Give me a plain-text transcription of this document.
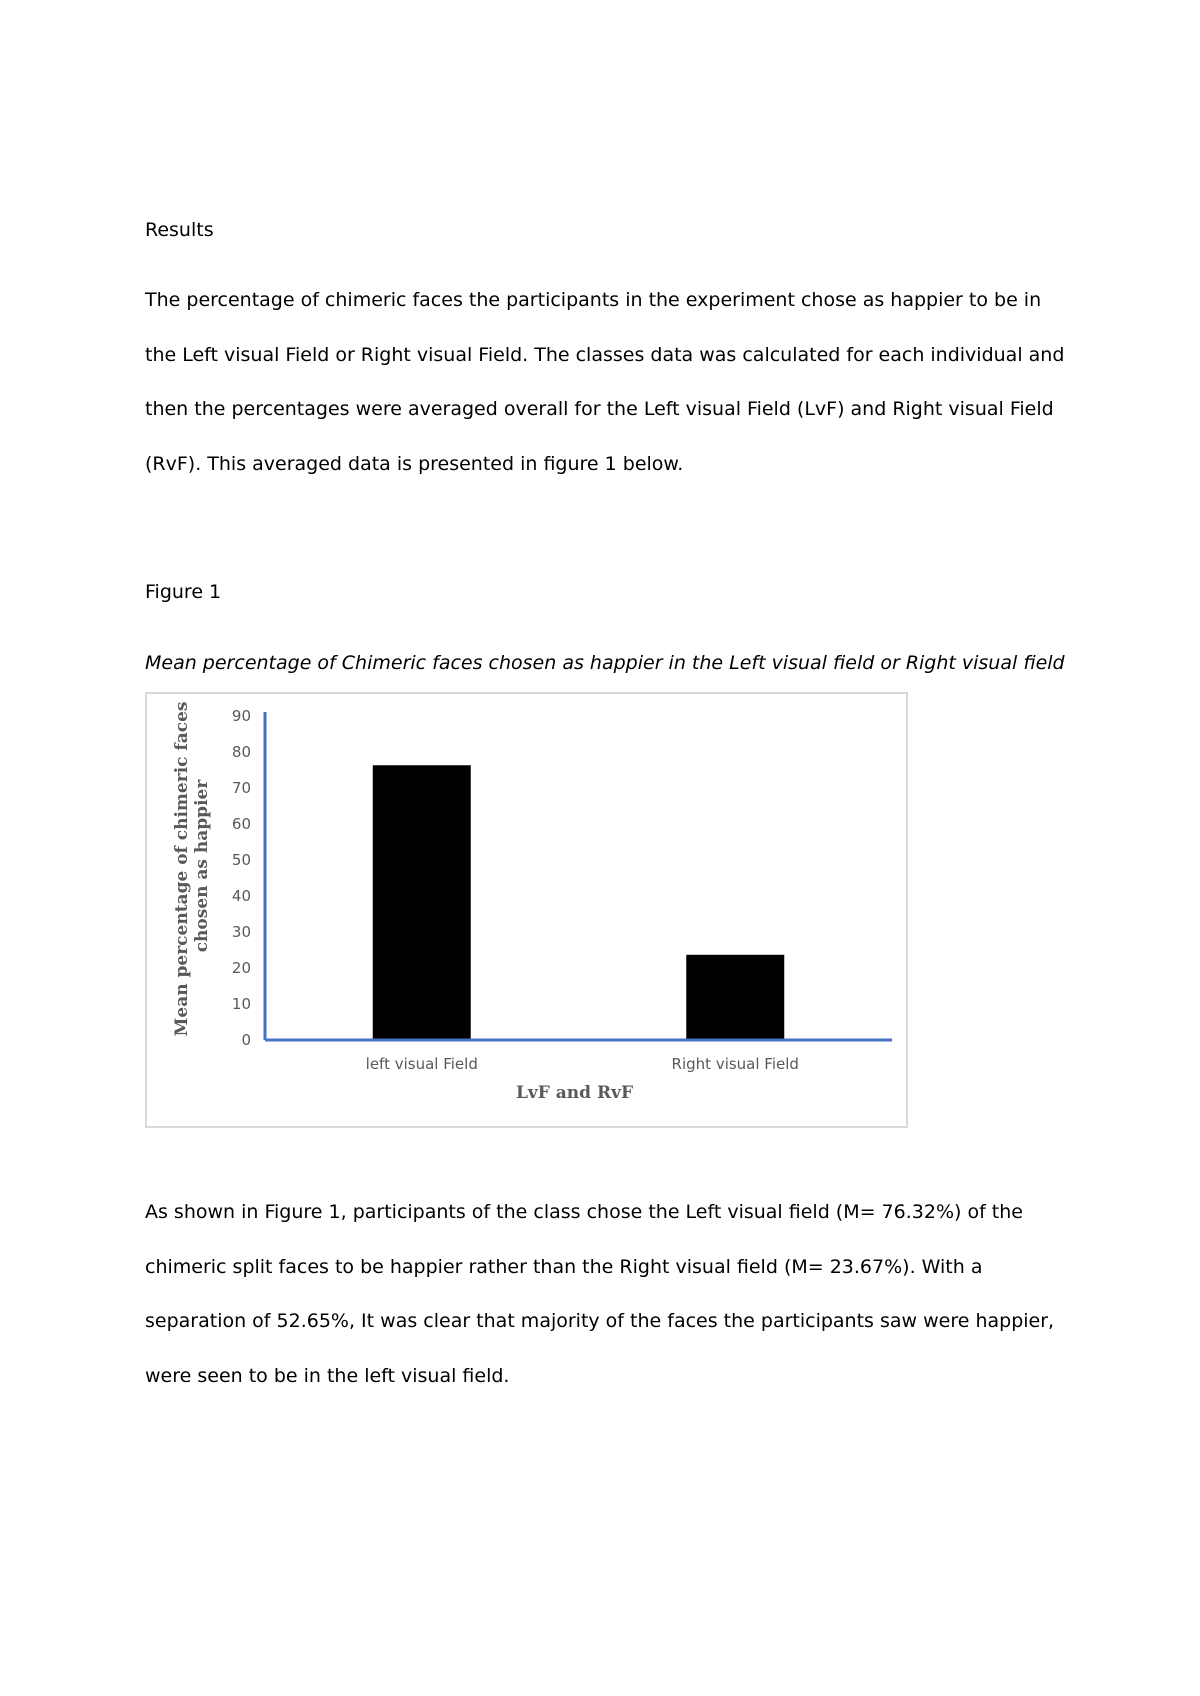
Results

The percentage of chimeric faces the participants in the experiment chose as happier to be in the Left visual Field or Right visual Field. The classes data was calculated for each individual and then the percentages were averaged overall for the Left visual Field (LvF) and Right visual Field (RvF). This averaged data is presented in figure 1 below.

Figure 1
Mean percentage of Chimeric faces chosen as happier in the Left visual field or Right visual field
0
10
20
30
40
50
60
70
80
90
left visual Field	Right visual Field
LvF and RvF
Mean percentage of chimeric faces chosen as happier

As shown in Figure 1, participants of the class chose the Left visual field (M= 76.32%) of the chimeric split faces to be happier rather than the Right visual field (M= 23.67%). With a separation of 52.65%, It was clear that majority of the faces the participants saw were happier, were seen to be in the left visual field.
